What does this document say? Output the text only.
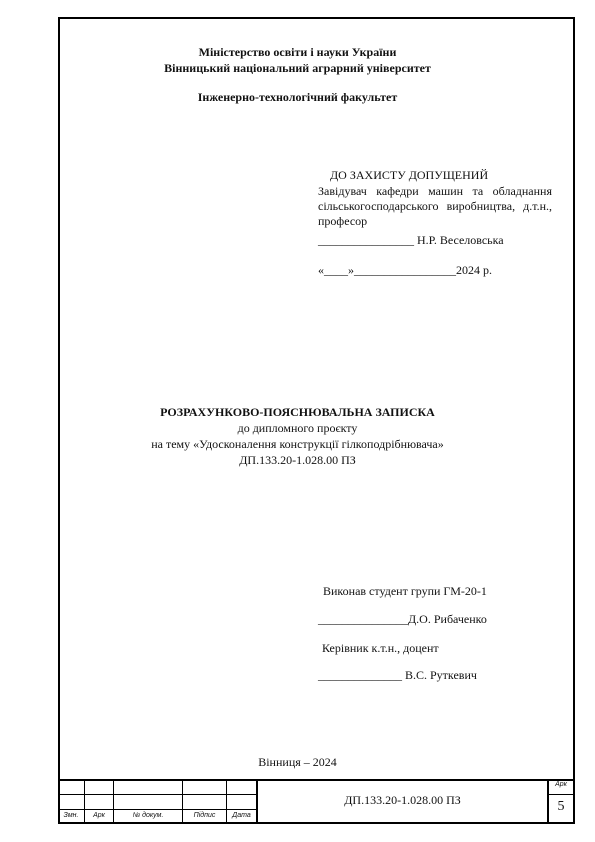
Міністерство освіти і науки України
Вінницький національний аграрний університет
Інженерно-технологічний факультет
ДО ЗАХИСТУ ДОПУЩЕНИЙ
Завідувач кафедри машин та обладнання сільськогосподарського виробництва, д.т.н., професор
________________ Н.Р. Веселовська
«____»_________________2024 р.
РОЗРАХУНКОВО-ПОЯСНЮВАЛЬНА ЗАПИСКА
до дипломного проєкту
на тему «Удосконалення конструкції гілкоподрібнювача»
ДП.133.20-1.028.00 ПЗ
Виконав студент групи ГМ-20-1
_______________Д.О. Рибаченко
Керівник к.т.н., доцент
______________ В.С. Руткевич
Вінниця – 2024
Змн.	Арк	№ докум.	Підпис	Дата
ДП.133.20-1.028.00 ПЗ
Арк
5
